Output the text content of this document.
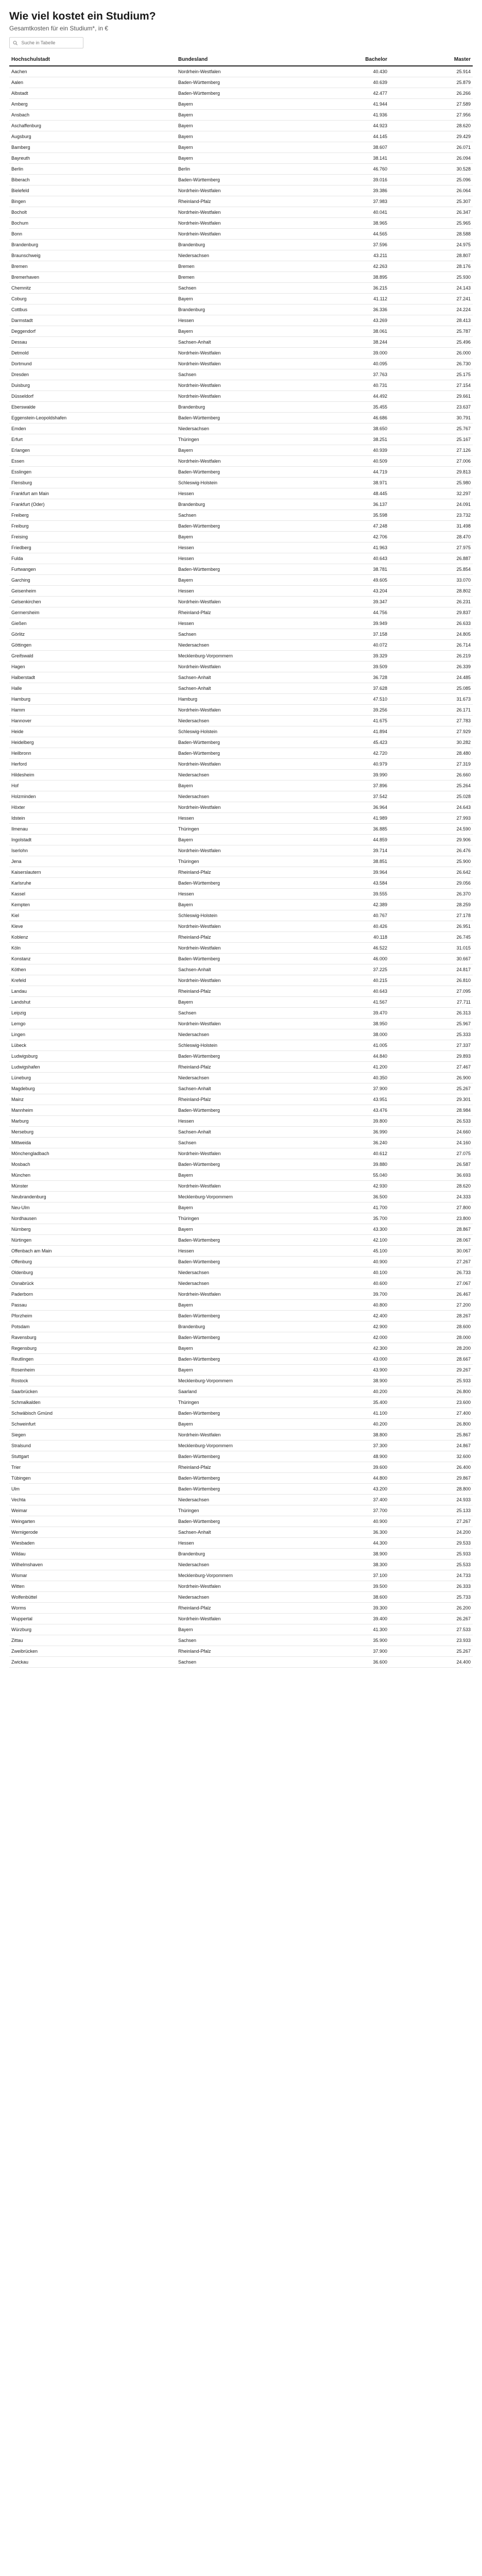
Wie viel kostet ein Studium?
Gesamtkosten für ein Studium*, in €
Suche in Tabelle
Hochschulstadt	Bundesland	Bachelor	Master
Aachen	Nordrhein-Westfalen	40.430	25.914
Aalen	Baden-Württemberg	40.639	25.879
Albstadt	Baden-Württemberg	42.477	26.266
Amberg	Bayern	41.944	27.589
Ansbach	Bayern	41.936	27.956
Aschaffenburg	Bayern	44.923	28.620
Augsburg	Bayern	44.145	29.429
Bamberg	Bayern	38.607	26.071
Bayreuth	Bayern	38.141	26.094
Berlin	Berlin	46.760	30.528
Biberach	Baden-Württemberg	39.016	25.096
Bielefeld	Nordrhein-Westfalen	39.386	26.064
Bingen	Rheinland-Pfalz	37.983	25.307
Bocholt	Nordrhein-Westfalen	40.041	26.347
Bochum	Nordrhein-Westfalen	38.965	25.965
Bonn	Nordrhein-Westfalen	44.565	28.588
Brandenburg	Brandenburg	37.596	24.975
Braunschweig	Niedersachsen	43.211	28.807
Bremen	Bremen	42.263	28.176
Bremerhaven	Bremen	38.895	25.930
Chemnitz	Sachsen	36.215	24.143
Coburg	Bayern	41.112	27.241
Cottbus	Brandenburg	36.336	24.224
Darmstadt	Hessen	43.269	28.413
Deggendorf	Bayern	38.061	25.787
Dessau	Sachsen-Anhalt	38.244	25.496
Detmold	Nordrhein-Westfalen	39.000	26.000
Dortmund	Nordrhein-Westfalen	40.095	26.730
Dresden	Sachsen	37.763	25.175
Duisburg	Nordrhein-Westfalen	40.731	27.154
Düsseldorf	Nordrhein-Westfalen	44.492	29.661
Eberswalde	Brandenburg	35.455	23.637
Eggenstein-Leopoldshafen	Baden-Württemberg	46.686	30.791
Emden	Niedersachsen	38.650	25.767
Erfurt	Thüringen	38.251	25.167
Erlangen	Bayern	40.939	27.126
Essen	Nordrhein-Westfalen	40.509	27.006
Esslingen	Baden-Württemberg	44.719	29.813
Flensburg	Schleswig-Holstein	38.971	25.980
Frankfurt am Main	Hessen	48.445	32.297
Frankfurt (Oder)	Brandenburg	36.137	24.091
Freiberg	Sachsen	35.598	23.732
Freiburg	Baden-Württemberg	47.248	31.498
Freising	Bayern	42.706	28.470
Friedberg	Hessen	41.963	27.975
Fulda	Hessen	40.643	26.887
Furtwangen	Baden-Württemberg	38.781	25.854
Garching	Bayern	49.605	33.070
Geisenheim	Hessen	43.204	28.802
Gelsenkirchen	Nordrhein-Westfalen	39.347	26.231
Germersheim	Rheinland-Pfalz	44.756	29.837
Gießen	Hessen	39.949	26.633
Görlitz	Sachsen	37.158	24.805
Göttingen	Niedersachsen	40.072	26.714
Greifswald	Mecklenburg-Vorpommern	39.329	26.219
Hagen	Nordrhein-Westfalen	39.509	26.339
Halberstadt	Sachsen-Anhalt	36.728	24.485
Halle	Sachsen-Anhalt	37.628	25.085
Hamburg	Hamburg	47.510	31.673
Hamm	Nordrhein-Westfalen	39.256	26.171
Hannover	Niedersachsen	41.675	27.783
Heide	Schleswig-Holstein	41.894	27.929
Heidelberg	Baden-Württemberg	45.423	30.282
Heilbronn	Baden-Württemberg	42.720	28.480
Herford	Nordrhein-Westfalen	40.979	27.319
Hildesheim	Niedersachsen	39.990	26.660
Hof	Bayern	37.896	25.264
Holzminden	Niedersachsen	37.542	25.028
Höxter	Nordrhein-Westfalen	36.964	24.643
Idstein	Hessen	41.989	27.993
Ilmenau	Thüringen	36.885	24.590
Ingolstadt	Bayern	44.859	29.906
Iserlohn	Nordrhein-Westfalen	39.714	26.476
Jena	Thüringen	38.851	25.900
Kaiserslautern	Rheinland-Pfalz	39.964	26.642
Karlsruhe	Baden-Württemberg	43.584	29.056
Kassel	Hessen	39.555	26.370
Kempten	Bayern	42.389	28.259
Kiel	Schleswig-Holstein	40.767	27.178
Kleve	Nordrhein-Westfalen	40.426	26.951
Koblenz	Rheinland-Pfalz	40.118	26.745
Köln	Nordrhein-Westfalen	46.522	31.015
Konstanz	Baden-Württemberg	46.000	30.667
Köthen	Sachsen-Anhalt	37.225	24.817
Krefeld	Nordrhein-Westfalen	40.215	26.810
Landau	Rheinland-Pfalz	40.643	27.095
Landshut	Bayern	41.567	27.711
Leipzig	Sachsen	39.470	26.313
Lemgo	Nordrhein-Westfalen	38.950	25.967
Lingen	Niedersachsen	38.000	25.333
Lübeck	Schleswig-Holstein	41.005	27.337
Ludwigsburg	Baden-Württemberg	44.840	29.893
Ludwigshafen	Rheinland-Pfalz	41.200	27.467
Lüneburg	Niedersachsen	40.350	26.900
Magdeburg	Sachsen-Anhalt	37.900	25.267
Mainz	Rheinland-Pfalz	43.951	29.301
Mannheim	Baden-Württemberg	43.476	28.984
Marburg	Hessen	39.800	26.533
Merseburg	Sachsen-Anhalt	36.990	24.660
Mittweida	Sachsen	36.240	24.160
Mönchengladbach	Nordrhein-Westfalen	40.612	27.075
Mosbach	Baden-Württemberg	39.880	26.587
München	Bayern	55.040	36.693
Münster	Nordrhein-Westfalen	42.930	28.620
Neubrandenburg	Mecklenburg-Vorpommern	36.500	24.333
Neu-Ulm	Bayern	41.700	27.800
Nordhausen	Thüringen	35.700	23.800
Nürnberg	Bayern	43.300	28.867
Nürtingen	Baden-Württemberg	42.100	28.067
Offenbach am Main	Hessen	45.100	30.067
Offenburg	Baden-Württemberg	40.900	27.267
Oldenburg	Niedersachsen	40.100	26.733
Osnabrück	Niedersachsen	40.600	27.067
Paderborn	Nordrhein-Westfalen	39.700	26.467
Passau	Bayern	40.800	27.200
Pforzheim	Baden-Württemberg	42.400	28.267
Potsdam	Brandenburg	42.900	28.600
Ravensburg	Baden-Württemberg	42.000	28.000
Regensburg	Bayern	42.300	28.200
Reutlingen	Baden-Württemberg	43.000	28.667
Rosenheim	Bayern	43.900	29.267
Rostock	Mecklenburg-Vorpommern	38.900	25.933
Saarbrücken	Saarland	40.200	26.800
Schmalkalden	Thüringen	35.400	23.600
Schwäbisch Gmünd	Baden-Württemberg	41.100	27.400
Schweinfurt	Bayern	40.200	26.800
Siegen	Nordrhein-Westfalen	38.800	25.867
Stralsund	Mecklenburg-Vorpommern	37.300	24.867
Stuttgart	Baden-Württemberg	48.900	32.600
Trier	Rheinland-Pfalz	39.600	26.400
Tübingen	Baden-Württemberg	44.800	29.867
Ulm	Baden-Württemberg	43.200	28.800
Vechta	Niedersachsen	37.400	24.933
Weimar	Thüringen	37.700	25.133
Weingarten	Baden-Württemberg	40.900	27.267
Wernigerode	Sachsen-Anhalt	36.300	24.200
Wiesbaden	Hessen	44.300	29.533
Wildau	Brandenburg	38.900	25.933
Wilhelmshaven	Niedersachsen	38.300	25.533
Wismar	Mecklenburg-Vorpommern	37.100	24.733
Witten	Nordrhein-Westfalen	39.500	26.333
Wolfenbüttel	Niedersachsen	38.600	25.733
Worms	Rheinland-Pfalz	39.300	26.200
Wuppertal	Nordrhein-Westfalen	39.400	26.267
Würzburg	Bayern	41.300	27.533
Zittau	Sachsen	35.900	23.933
Zweibrücken	Rheinland-Pfalz	37.900	25.267
Zwickau	Sachsen	36.600	24.400
